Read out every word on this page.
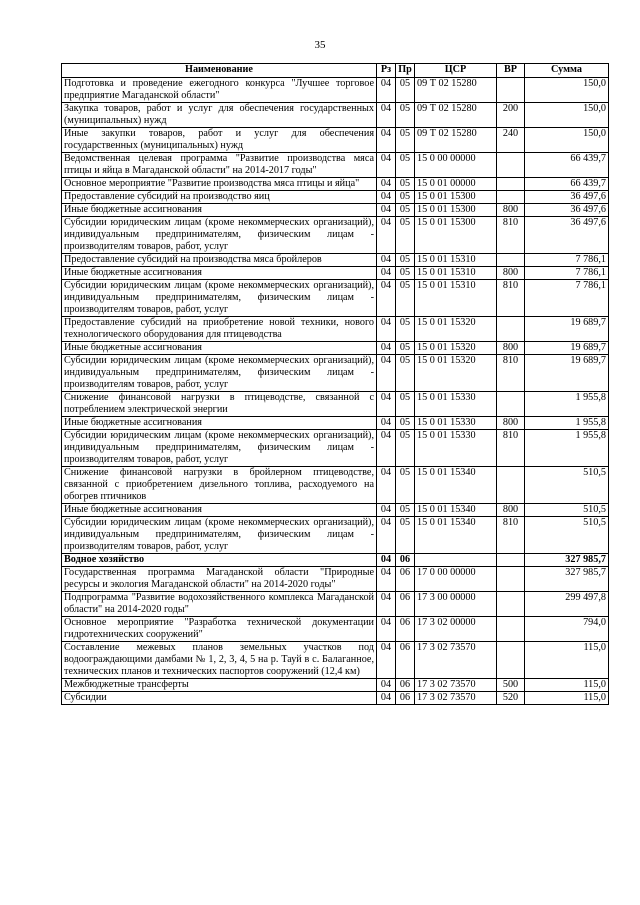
35
Наименование	Рз	Пр	ЦСР	ВР	Сумма
Подготовка и проведение ежегодного конкурса "Лучшее торговое предприятие Магаданской области"	04	05	09 Т 02 15280		150,0
Закупка товаров, работ и услуг для обеспечения государственных (муниципальных) нужд	04	05	09 Т 02 15280	200	150,0
Иные закупки товаров, работ и услуг для обеспечения государственных (муниципальных) нужд	04	05	09 Т 02 15280	240	150,0
Ведомственная целевая программа "Развитие производства мяса птицы и яйца в Магаданской области" на 2014-2017 годы"	04	05	15 0 00 00000		66 439,7
Основное мероприятие "Развитие производства мяса птицы и яйца"	04	05	15 0 01 00000		66 439,7
Предоставление субсидий на производство яиц	04	05	15 0 01 15300		36 497,6
Иные бюджетные ассигнования	04	05	15 0 01 15300	800	36 497,6
Субсидии юридическим лицам (кроме некоммерческих организаций), индивидуальным предпринимателям, физическим лицам - производителям товаров, работ, услуг	04	05	15 0 01 15300	810	36 497,6
Предоставление субсидий на производства мяса бройлеров	04	05	15 0 01 15310		7 786,1
Иные бюджетные ассигнования	04	05	15 0 01 15310	800	7 786,1
Субсидии юридическим лицам (кроме некоммерческих организаций), индивидуальным предпринимателям, физическим лицам - производителям товаров, работ, услуг	04	05	15 0 01 15310	810	7 786,1
Предоставление субсидий на приобретение новой техники, нового технологического оборудования для птицеводства	04	05	15 0 01 15320		19 689,7
Иные бюджетные ассигнования	04	05	15 0 01 15320	800	19 689,7
Субсидии юридическим лицам (кроме некоммерческих организаций), индивидуальным предпринимателям, физическим лицам - производителям товаров, работ, услуг	04	05	15 0 01 15320	810	19 689,7
Снижение финансовой нагрузки в птицеводстве, связанной с потреблением электрической энергии	04	05	15 0 01 15330		1 955,8
Иные бюджетные ассигнования	04	05	15 0 01 15330	800	1 955,8
Субсидии юридическим лицам (кроме некоммерческих организаций), индивидуальным предпринимателям, физическим лицам - производителям товаров, работ, услуг	04	05	15 0 01 15330	810	1 955,8
Снижение финансовой нагрузки в бройлерном птицеводстве, связанной с приобретением дизельного топлива, расходуемого на обогрев птичников	04	05	15 0 01 15340		510,5
Иные бюджетные ассигнования	04	05	15 0 01 15340	800	510,5
Субсидии юридическим лицам (кроме некоммерческих организаций), индивидуальным предпринимателям, физическим лицам - производителям товаров, работ, услуг	04	05	15 0 01 15340	810	510,5
Водное хозяйство	04	06			327 985,7
Государственная программа Магаданской области "Природные ресурсы и экология Магаданской области" на 2014-2020 годы"	04	06	17 0 00 00000		327 985,7
Подпрограмма "Развитие водохозяйственного комплекса Магаданской области" на 2014-2020 годы"	04	06	17 3 00 00000		299 497,8
Основное мероприятие "Разработка технической документации гидротехнических сооружений"	04	06	17 3 02 00000		794,0
Составление межевых планов земельных участков под водоограждающими дамбами № 1, 2, 3, 4, 5 на р. Тауй в с. Балаганное, технических планов и технических паспортов сооружений (12,4 км)	04	06	17 3 02 73570		115,0
Межбюджетные трансферты	04	06	17 3 02 73570	500	115,0
Субсидии	04	06	17 3 02 73570	520	115,0
